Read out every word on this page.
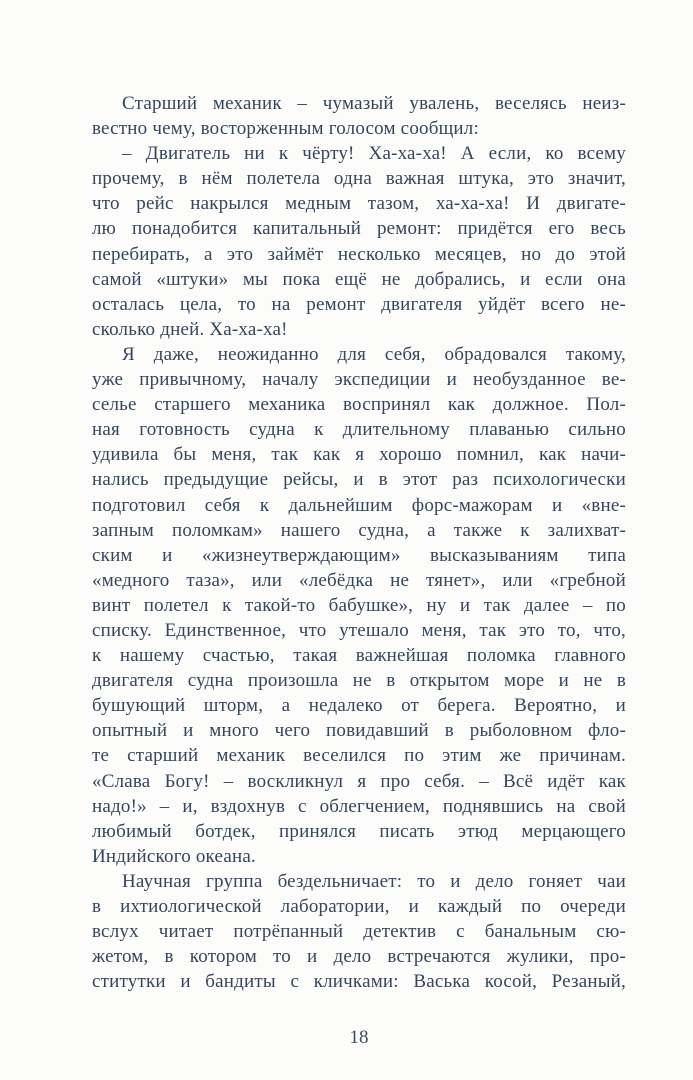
Старший механик – чумазый увалень, веселясь неиз-
вестно чему, восторженным голосом сообщил:
– Двигатель ни к чёрту! Ха-ха-ха! А если, ко всему
прочему, в нём полетела одна важная штука, это значит,
что рейс накрылся медным тазом, ха-ха-ха! И двигате-
лю понадобится капитальный ремонт: придётся его весь
перебирать, а это займёт несколько месяцев, но до этой
самой «штуки» мы пока ещё не добрались, и если она
осталась цела, то на ремонт двигателя уйдёт всего не-
сколько дней. Ха-ха-ха!
Я даже, неожиданно для себя, обрадовался такому,
уже привычному, началу экспедиции и необузданное ве-
селье старшего механика воспринял как должное. Пол-
ная готовность судна к длительному плаванью сильно
удивила бы меня, так как я хорошо помнил, как начи-
нались предыдущие рейсы, и в этот раз психологически
подготовил себя к дальнейшим форс-мажорам и «вне-
запным поломкам» нашего судна, а также к залихват-
ским и «жизнеутверждающим» высказываниям типа
«медного таза», или «лебёдка не тянет», или «гребной
винт полетел к такой-то бабушке», ну и так далее – по
списку. Единственное, что утешало меня, так это то, что,
к нашему счастью, такая важнейшая поломка главного
двигателя судна произошла не в открытом море и не в
бушующий шторм, а недалеко от берега. Вероятно, и
опытный и много чего повидавший в рыболовном фло-
те старший механик веселился по этим же причинам.
«Слава Богу! – воскликнул я про себя. – Всё идёт как
надо!» – и, вздохнув с облегчением, поднявшись на свой
любимый ботдек, принялся писать этюд мерцающего
Индийского океана.
Научная группа бездельничает: то и дело гоняет чаи
в ихтиологической лаборатории, и каждый по очереди
вслух читает потрёпанный детектив с банальным сю-
жетом, в котором то и дело встречаются жулики, про-
ститутки и бандиты с кличками: Васька косой, Резаный,
18
